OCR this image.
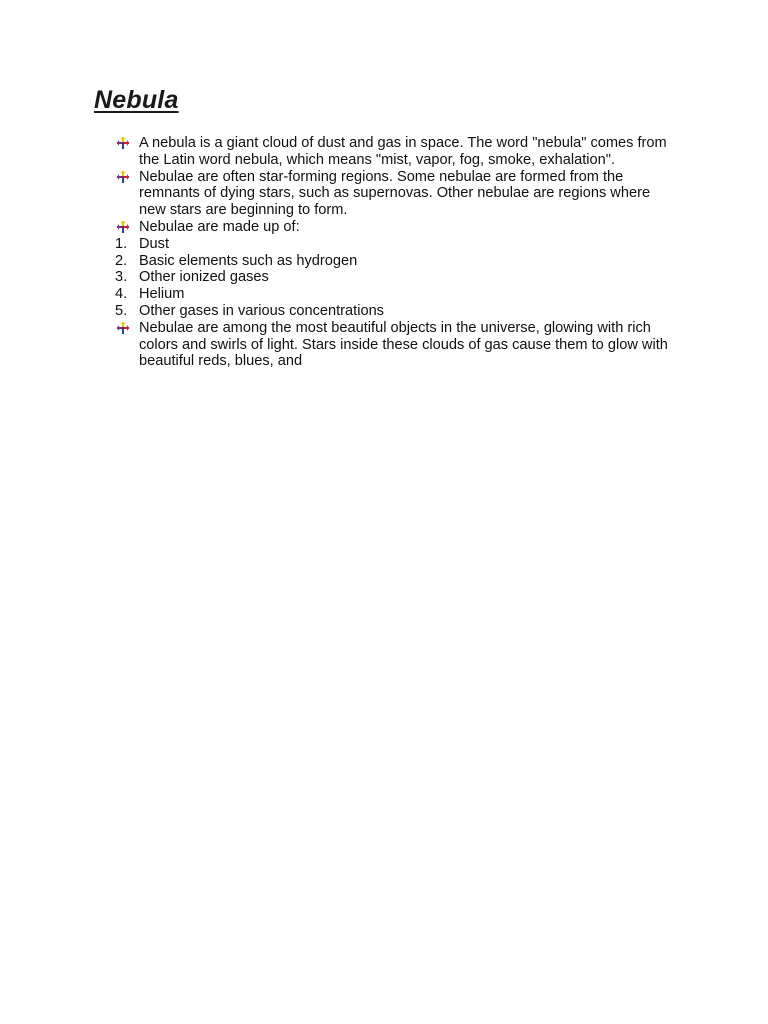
Nebula
A nebula is a giant cloud of dust and gas in space. The word "nebula" comes from the Latin word nebula, which means "mist, vapor, fog, smoke, exhalation".
Nebulae are often star-forming regions. Some nebulae are formed from the remnants of dying stars, such as supernovas. Other nebulae are regions where new stars are beginning to form.
Nebulae are made up of:
1. Dust
2. Basic elements such as hydrogen
3. Other ionized gases
4. Helium
5. Other gases in various concentrations
Nebulae are among the most beautiful objects in the universe, glowing with rich colors and swirls of light. Stars inside these clouds of gas cause them to glow with beautiful reds, blues, and
